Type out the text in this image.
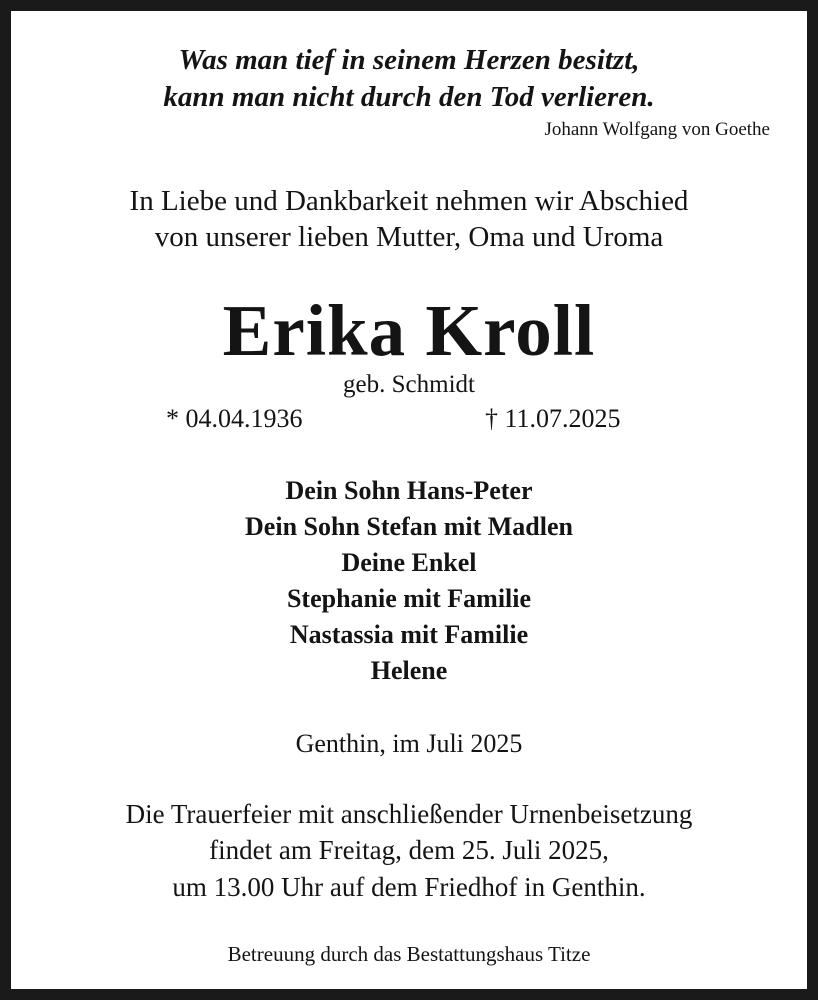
Was man tief in seinem Herzen besitzt,
kann man nicht durch den Tod verlieren.
Johann Wolfgang von Goethe
In Liebe und Dankbarkeit nehmen wir Abschied
von unserer lieben Mutter, Oma und Uroma
Erika Kroll
geb. Schmidt
* 04.04.1936	† 11.07.2025
Dein Sohn Hans-Peter
Dein Sohn Stefan mit Madlen
Deine Enkel
Stephanie mit Familie
Nastassia mit Familie
Helene
Genthin, im Juli 2025
Die Trauerfeier mit anschließender Urnenbeisetzung
findet am Freitag, dem 25. Juli 2025,
um 13.00 Uhr auf dem Friedhof in Genthin.
Betreuung durch das Bestattungshaus Titze
